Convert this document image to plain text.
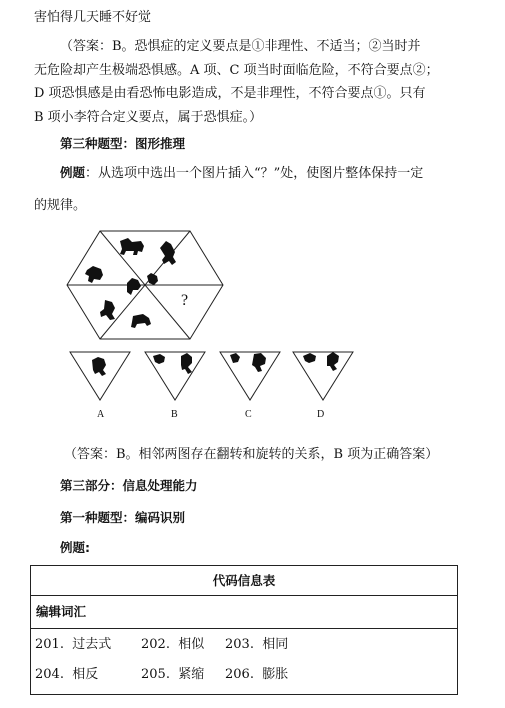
害怕得几天睡不好觉
（答案：B。恐惧症的定义要点是①非理性、不适当；②当时并
无危险却产生极端恐惧感。A 项、C 项当时面临危险，不符合要点②；
D 项恐惧感是由看恐怖电影造成，不是非理性，不符合要点①。只有
B 项小李符合定义要点，属于恐惧症。）
第三种题型：图形推理
例题：从选项中选出一个图片插入“？”处，使图片整体保持一定
的规律。
?
A	B	C	D
（答案：B。相邻两图存在翻转和旋转的关系，B 项为正确答案）
第三部分：信息处理能力
第一种题型：编码识别
例题:
代码信息表
编辑词汇
201. 过去式 202. 相似 203. 相同
204. 相反	205. 紧缩 206. 膨胀
